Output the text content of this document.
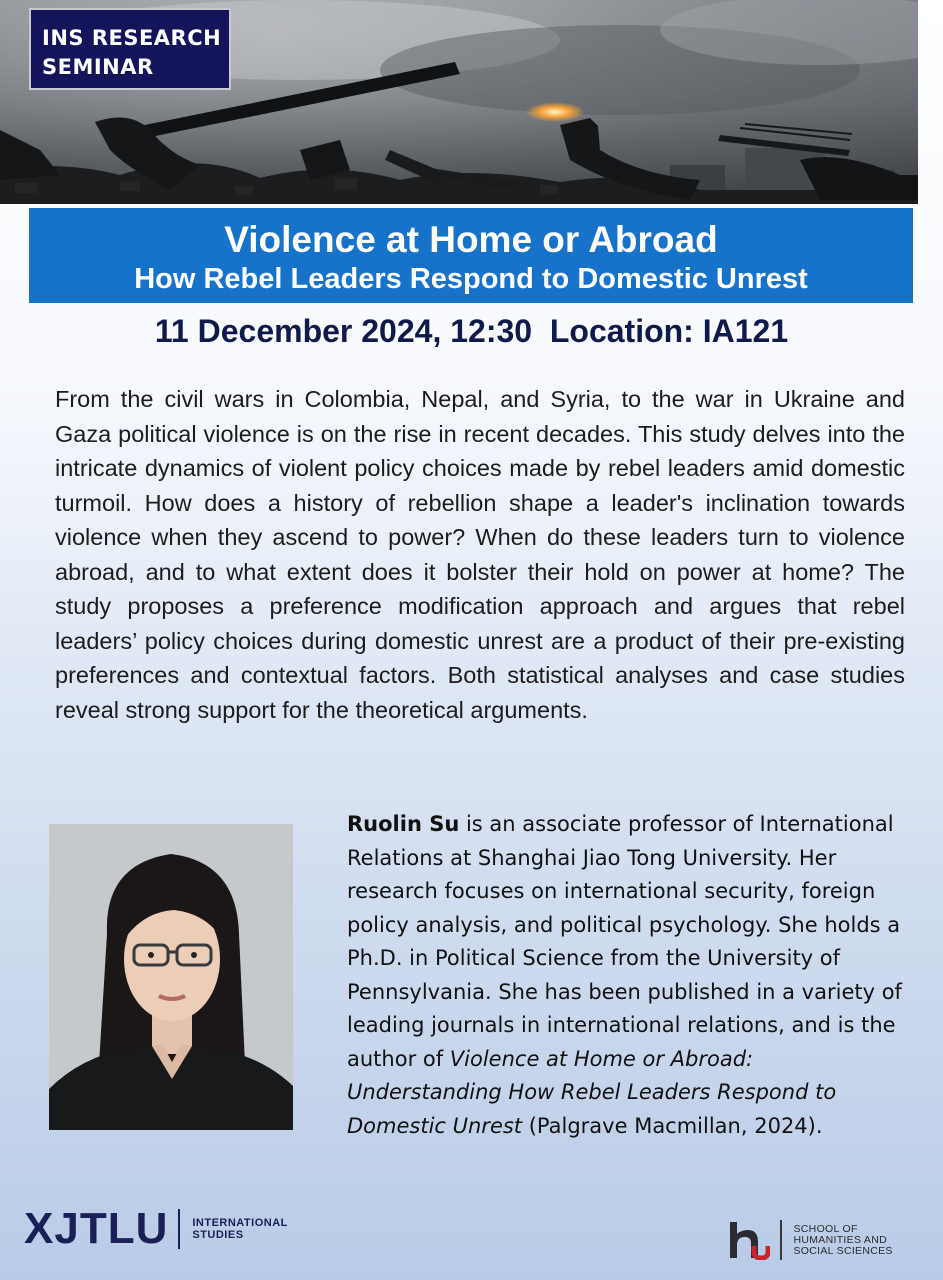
INS RESEARCH
SEMINAR
Violence at Home or Abroad
How Rebel Leaders Respond to Domestic Unrest
11 December 2024, 12:30  Location: IA121

From the civil wars in Colombia, Nepal, and Syria, to the war in Ukraine and Gaza political violence is on the rise in recent decades. This study delves into the intricate dynamics of violent policy choices made by rebel leaders amid domestic turmoil. How does a history of rebellion shape a leader's inclination towards violence when they ascend to power? When do these leaders turn to violence abroad, and to what extent does it bolster their hold on power at home? The study proposes a preference modification approach and argues that rebel leaders’ policy choices during domestic unrest are a product of their pre-existing preferences and contextual factors. Both statistical analyses and case studies reveal strong support for the theoretical arguments.

Ruolin Su is an associate professor of International Relations at Shanghai Jiao Tong University. Her research focuses on international security, foreign policy analysis, and political psychology. She holds a Ph.D. in Political Science from the University of Pennsylvania. She has been published in a variety of leading journals in international relations, and is the author of Violence at Home or Abroad: Understanding How Rebel Leaders Respond to Domestic Unrest (Palgrave Macmillan, 2024).

XJTLU INTERNATIONAL
STUDIES
SCHOOL OF
HUMANITIES AND
SOCIAL SCIENCES
